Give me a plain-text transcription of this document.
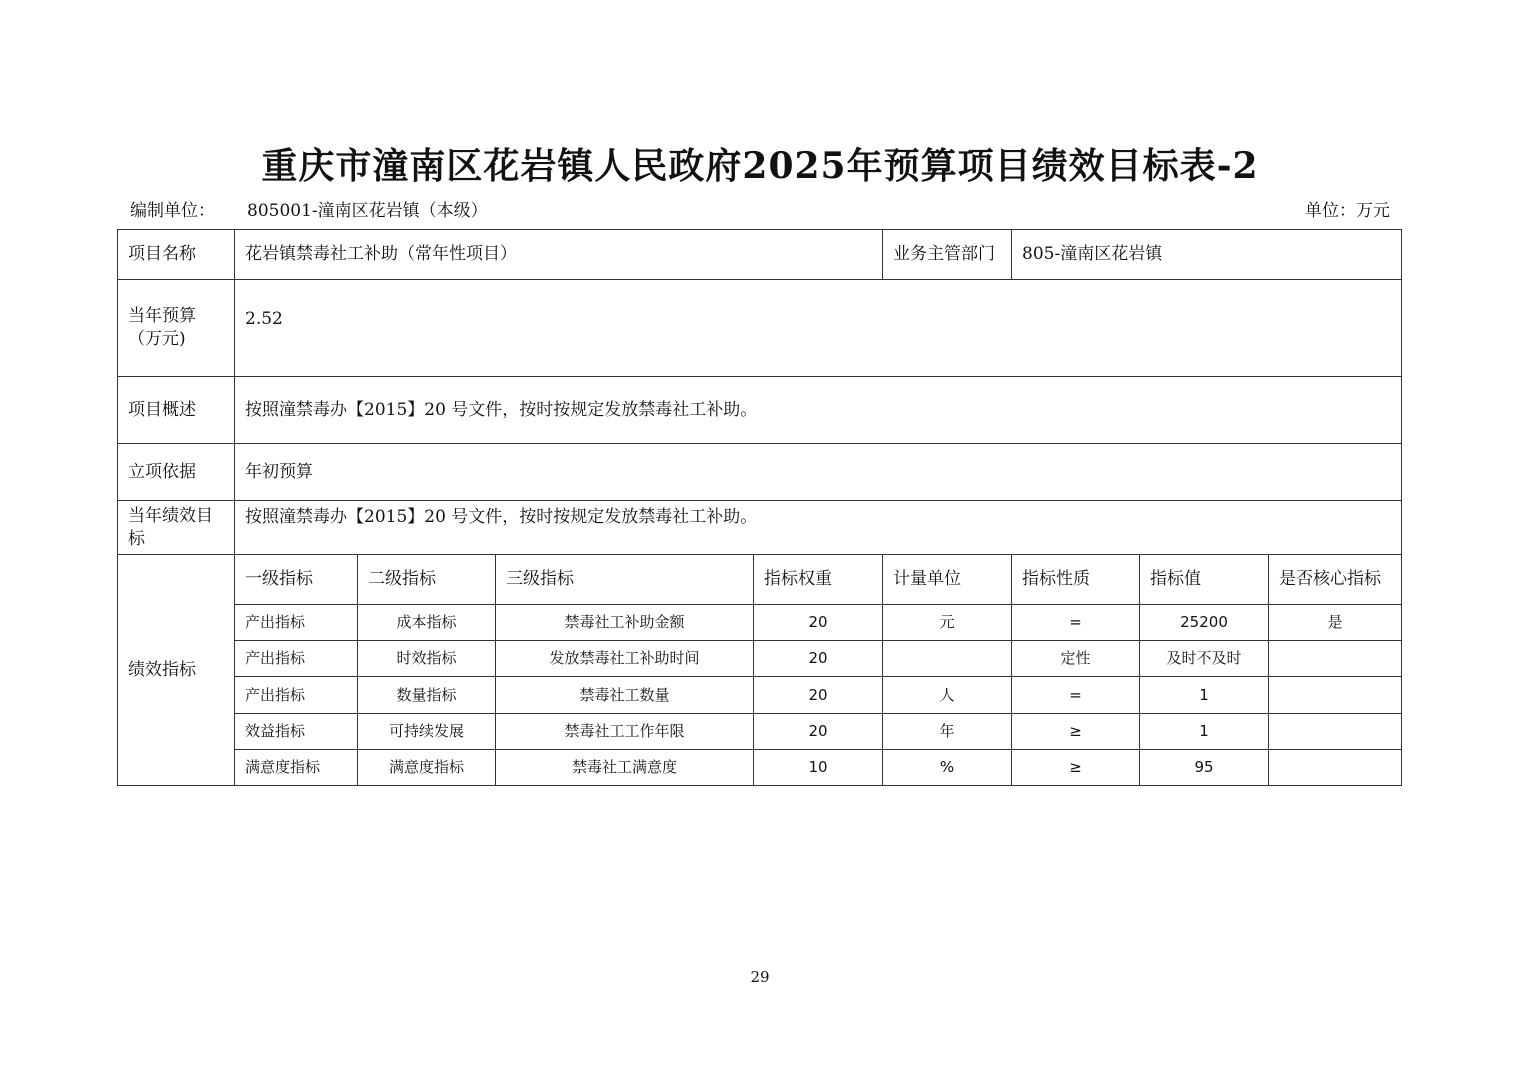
重庆市潼南区花岩镇人民政府2025年预算项目绩效目标表-2
编制单位： 805001-潼南区花岩镇（本级）	单位：万元
项目名称	花岩镇禁毒社工补助（常年性项目）				业务主管部门	805-潼南区花岩镇		
当年预算（万元)	2.52							
项目概述	按照潼禁毒办【2015】20 号文件，按时按规定发放禁毒社工补助。							
立项依据	年初预算							
当年绩效目标	按照潼禁毒办【2015】20 号文件，按时按规定发放禁毒社工补助。							
绩效指标	一级指标	二级指标	三级指标	指标权重	计量单位	指标性质	指标值	是否核心指标
	产出指标	成本指标	禁毒社工补助金额	20	元	=	25200	是
	产出指标	时效指标	发放禁毒社工补助时间	20		定性	及时不及时	
	产出指标	数量指标	禁毒社工数量	20	人	=	1	
	效益指标	可持续发展	禁毒社工工作年限	20	年	≥	1	
	满意度指标	满意度指标	禁毒社工满意度	10	%	≥	95	
29
